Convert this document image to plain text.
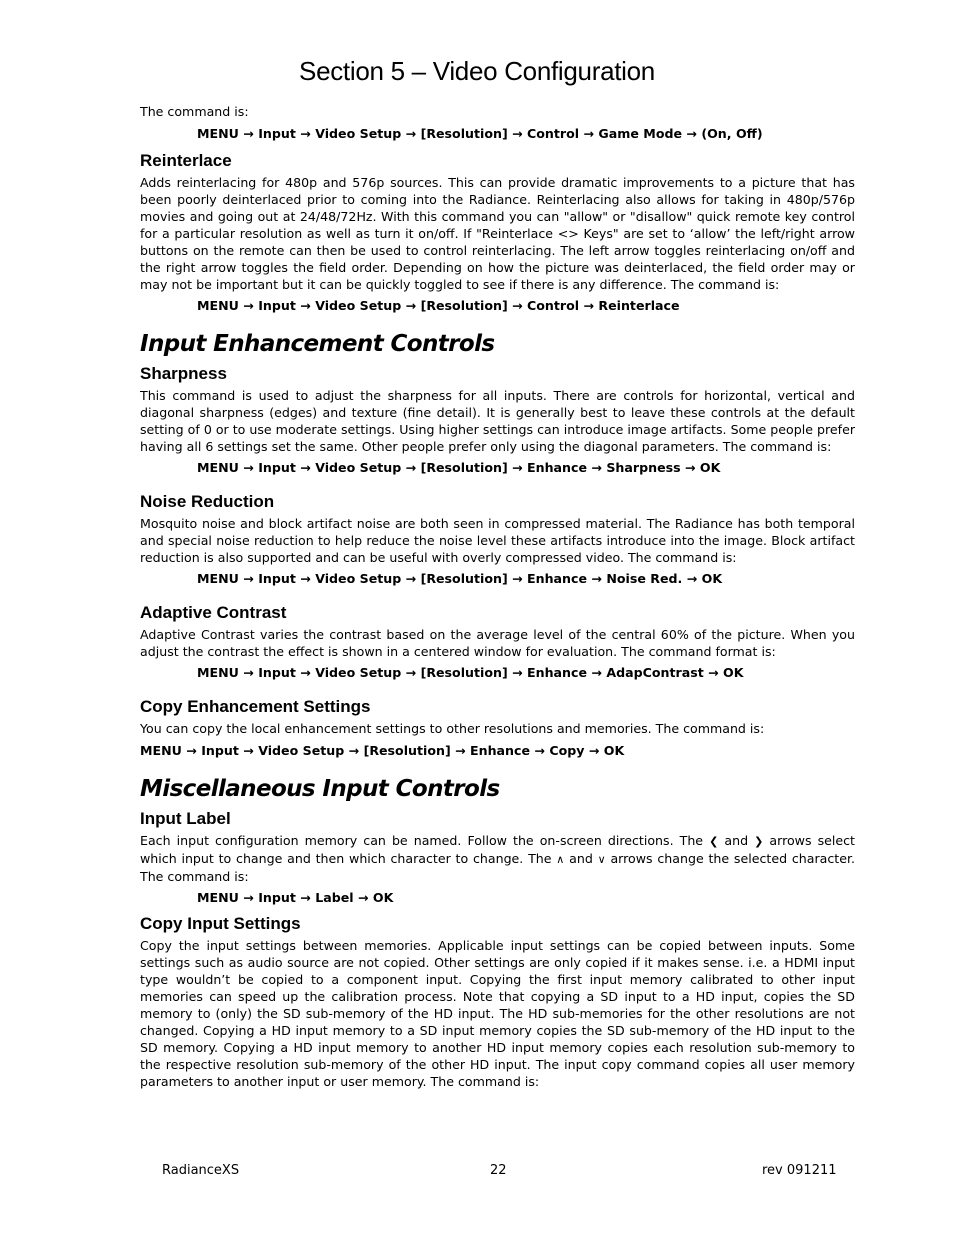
Section 5 – Video Configuration

The command is:

MENU → Input → Video Setup → [Resolution] → Control → Game Mode → (On, Off)
Reinterlace

Adds reinterlacing for 480p and 576p sources. This can provide dramatic improvements to a picture that has been poorly deinterlaced prior to coming into the Radiance. Reinterlacing also allows for taking in 480p/576p movies and going out at 24/48/72Hz. With this command you can "allow" or "disallow" quick remote key control for a particular resolution as well as turn it on/off. If "Reinterlace <> Keys" are set to ‘allow’ the left/right arrow buttons on the remote can then be used to control reinterlacing. The left arrow toggles reinterlacing on/off and the right arrow toggles the field order. Depending on how the picture was deinterlaced, the field order may or may not be important but it can be quickly toggled to see if there is any difference. The command is:

MENU → Input → Video Setup → [Resolution] → Control → Reinterlace
Input Enhancement Controls
Sharpness

This command is used to adjust the sharpness for all inputs. There are controls for horizontal, vertical and diagonal sharpness (edges) and texture (fine detail). It is generally best to leave these controls at the default setting of 0 or to use moderate settings. Using higher settings can introduce image artifacts. Some people prefer having all 6 settings set the same. Other people prefer only using the diagonal parameters. The command is:

MENU → Input → Video Setup → [Resolution] → Enhance → Sharpness → OK
Noise Reduction

Mosquito noise and block artifact noise are both seen in compressed material. The Radiance has both temporal and special noise reduction to help reduce the noise level these artifacts introduce into the image. Block artifact reduction is also supported and can be useful with overly compressed video. The command is:

MENU → Input → Video Setup → [Resolution] → Enhance → Noise Red. → OK
Adaptive Contrast

Adaptive Contrast varies the contrast based on the average level of the central 60% of the picture. When you adjust the contrast the effect is shown in a centered window for evaluation. The command format is:

MENU → Input → Video Setup → [Resolution] → Enhance → AdapContrast → OK
Copy Enhancement Settings

You can copy the local enhancement settings to other resolutions and memories. The command is:

MENU → Input → Video Setup → [Resolution] → Enhance → Copy → OK
Miscellaneous Input Controls
Input Label

Each input configuration memory can be named. Follow the on-screen directions. The ❮ and ❯ arrows select which input to change and then which character to change. The ∧ and ∨ arrows change the selected character. The command is:

MENU → Input → Label → OK
Copy Input Settings

Copy the input settings between memories. Applicable input settings can be copied between inputs. Some settings such as audio source are not copied. Other settings are only copied if it makes sense. i.e. a HDMI input type wouldn’t be copied to a component input. Copying the first input memory calibrated to other input memories can speed up the calibration process. Note that copying a SD input to a HD input, copies the SD memory to (only) the SD sub-memory of the HD input. The HD sub-memories for the other resolutions are not changed. Copying a HD input memory to a SD input memory copies the SD sub-memory of the HD input to the SD memory. Copying a HD input memory to another HD input memory copies each resolution sub-memory to the respective resolution sub-memory of the other HD input. The input copy command copies all user memory parameters to another input or user memory. The command is:

RadianceXS	22	rev 091211
